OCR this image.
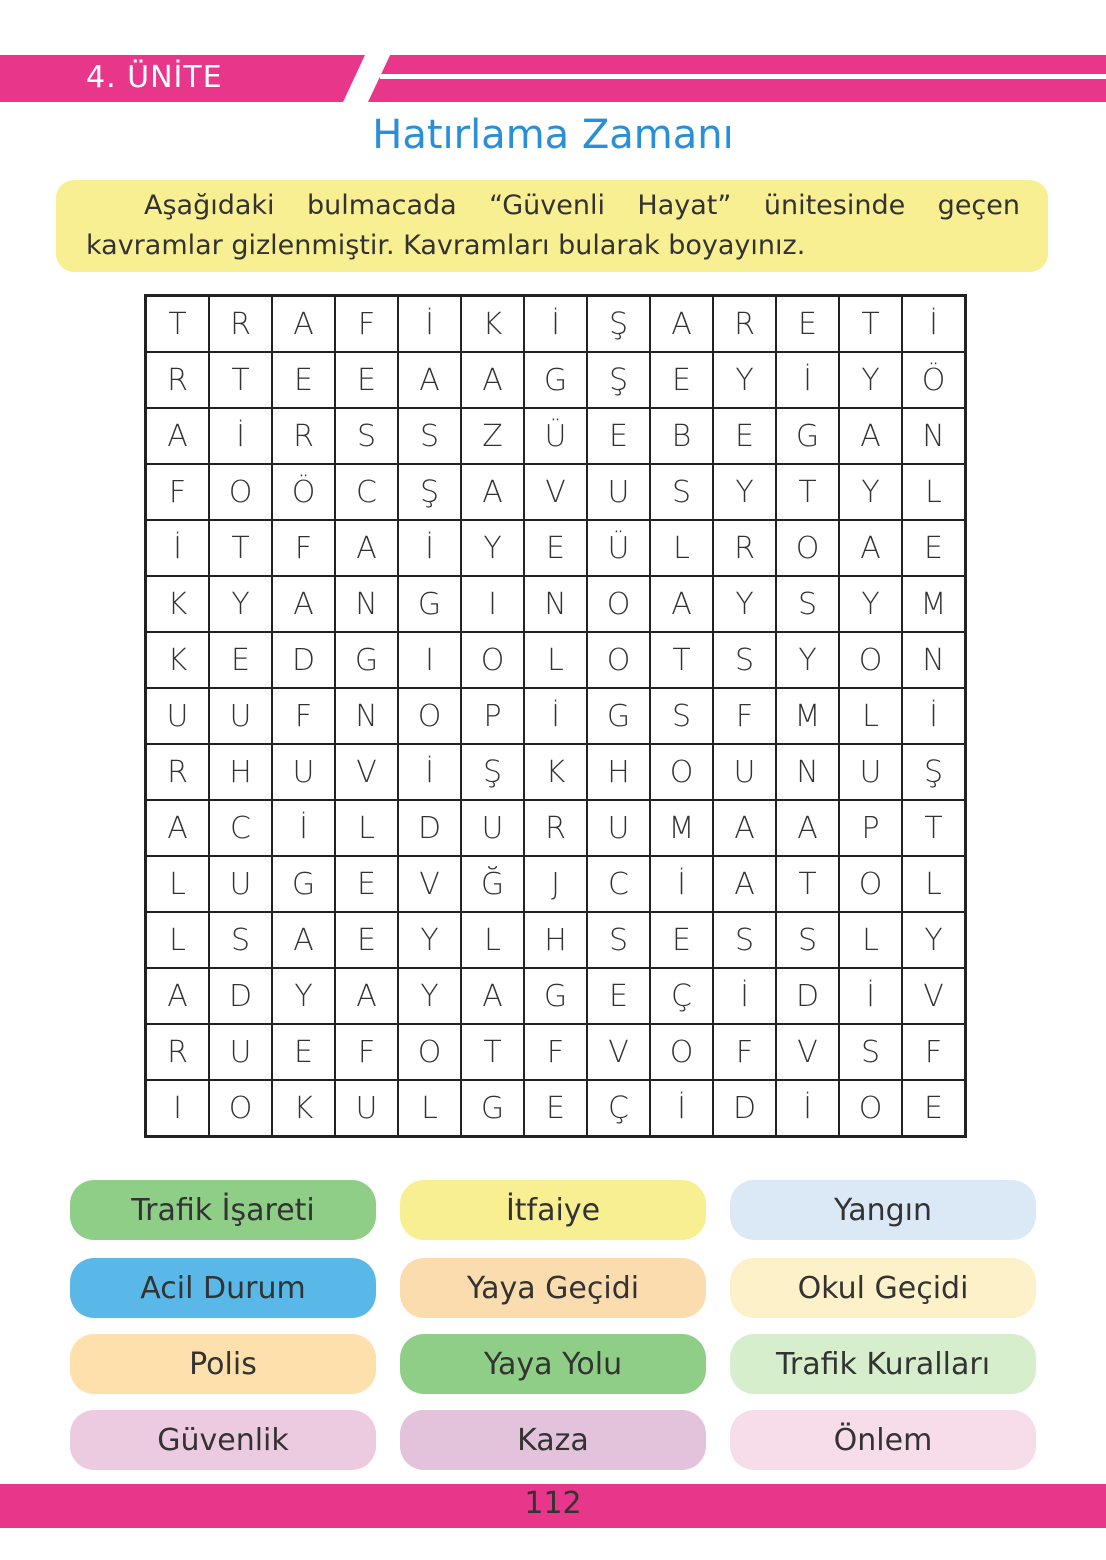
4. ÜNİTE
Hatırlama Zamanı

Aşağıdaki bulmacada “Güvenli Hayat” ünitesinde geçen kavramlar gizlenmiştir. Kavramları bularak boyayınız.

T	R	A	F	İ	K	İ	Ş	A	R	E	T	İ
R	T	E	E	A	A	G	Ş	E	Y	İ	Y	Ö
A	İ	R	S	S	Z	Ü	E	B	E	G	A	N
F	O	Ö	C	Ş	A	V	U	S	Y	T	Y	L
İ	T	F	A	İ	Y	E	Ü	L	R	O	A	E
K	Y	A	N	G	I	N	O	A	Y	S	Y	M
K	E	D	G	I	O	L	O	T	S	Y	O	N
U	U	F	N	O	P	İ	G	S	F	M	L	İ
R	H	U	V	İ	Ş	K	H	O	U	N	U	Ş
A	C	İ	L	D	U	R	U	M	A	A	P	T
L	U	G	E	V	Ğ	J	C	İ	A	T	O	L
L	S	A	E	Y	L	H	S	E	S	S	L	Y
A	D	Y	A	Y	A	G	E	Ç	İ	D	İ	V
R	U	E	F	O	T	F	V	O	F	V	S	F
I	O	K	U	L	G	E	Ç	İ	D	İ	O	E
Trafik İşareti	İtfaiye	Yangın
Acil Durum	Yaya Geçidi	Okul Geçidi
Polis	Yaya Yolu	Trafik Kuralları
Güvenlik	Kaza	Önlem
112
